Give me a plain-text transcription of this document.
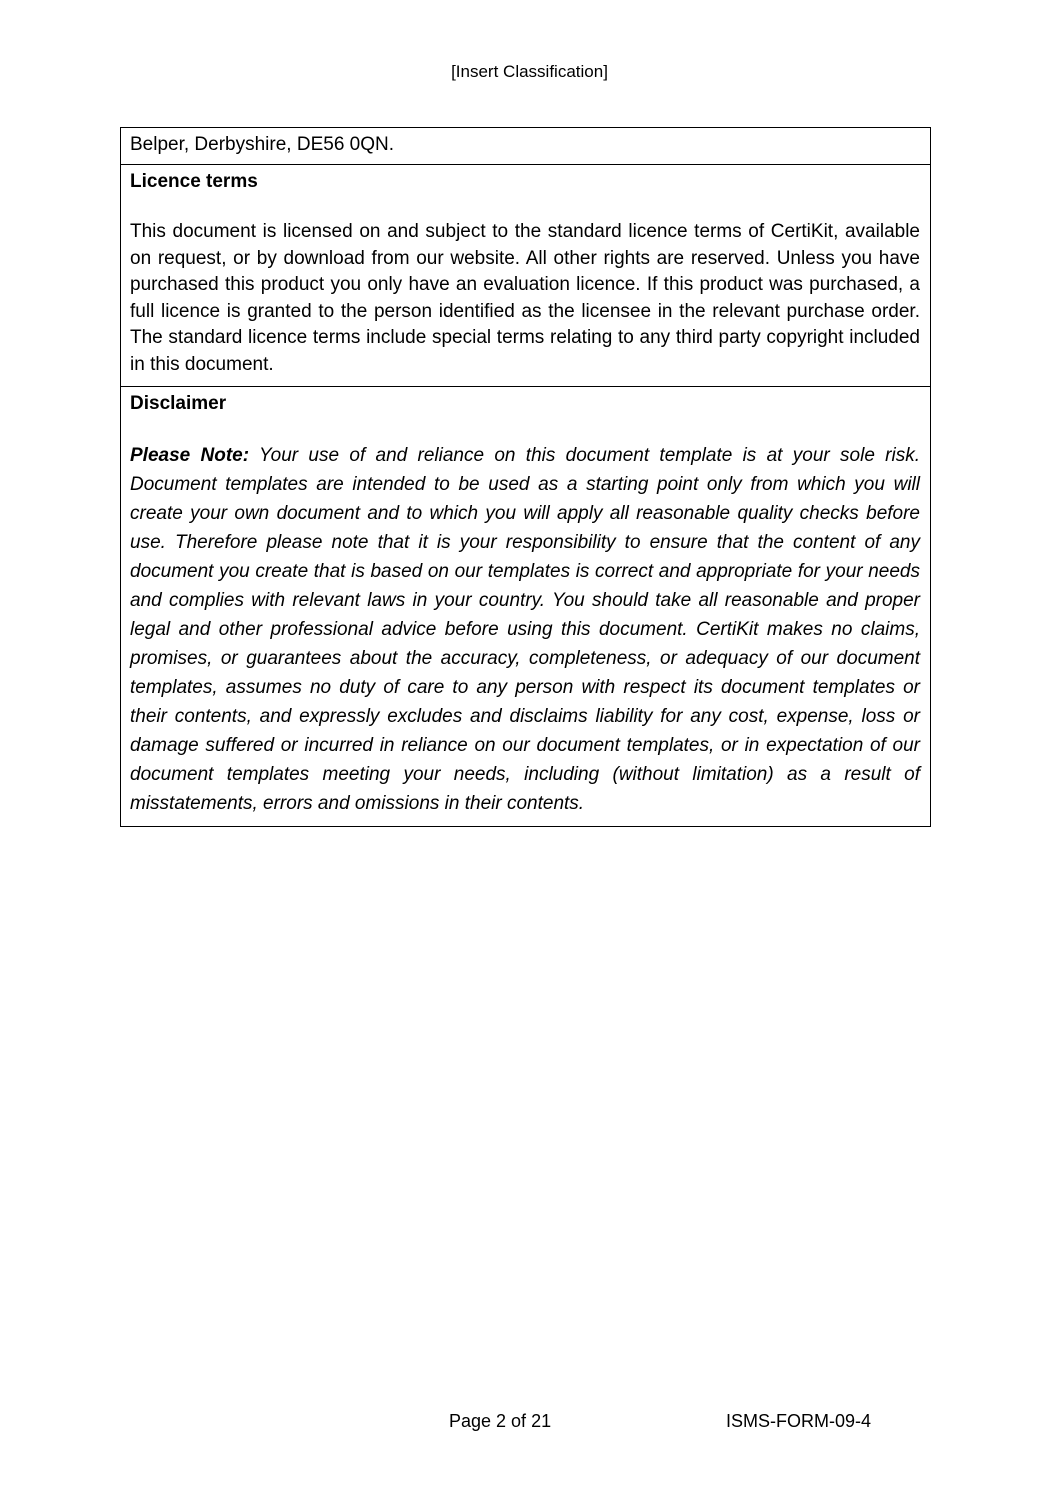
[Insert Classification]
Belper, Derbyshire, DE56 0QN.

Licence terms

This document is licensed on and subject to the standard licence terms of CertiKit, available on request, or by download from our website. All other rights are reserved. Unless you have purchased this product you only have an evaluation licence. If this product was purchased, a full licence is granted to the person identified as the licensee in the relevant purchase order. The standard licence terms include special terms relating to any third party copyright included in this document.

Disclaimer

Please Note: Your use of and reliance on this document template is at your sole risk. Document templates are intended to be used as a starting point only from which you will create your own document and to which you will apply all reasonable quality checks before use. Therefore please note that it is your responsibility to ensure that the content of any document you create that is based on our templates is correct and appropriate for your needs and complies with relevant laws in your country. You should take all reasonable and proper legal and other professional advice before using this document. CertiKit makes no claims, promises, or guarantees about the accuracy, completeness, or adequacy of our document templates, assumes no duty of care to any person with respect its document templates or their contents, and expressly excludes and disclaims liability for any cost, expense, loss or damage suffered or incurred in reliance on our document templates, or in expectation of our document templates meeting your needs, including (without limitation) as a result of misstatements, errors and omissions in their contents.

Page 2 of 21	ISMS-FORM-09-4
